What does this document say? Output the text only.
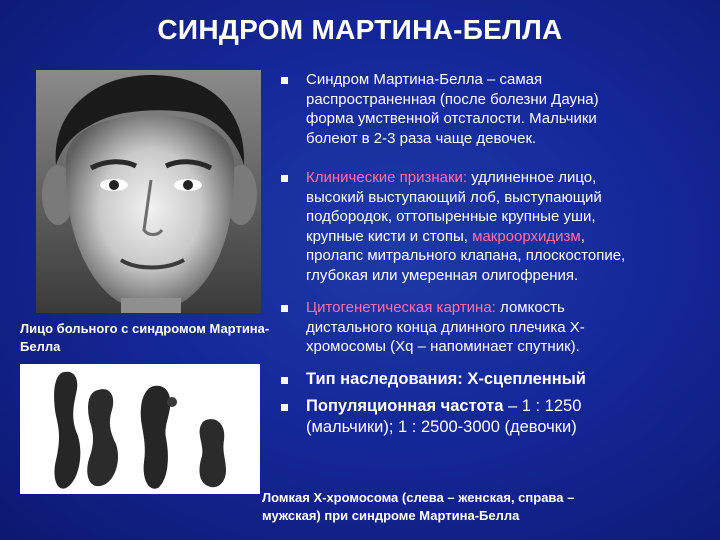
СИНДРОМ МАРТИНА-БЕЛЛА
Лицо больного с синдромом Мартина-Белла
Синдром Мартина-Белла – самая
распространенная (после болезни Дауна)
форма умственной отсталости. Мальчики
болеют в 2-3 раза чаще девочек.
Клинические признаки: удлиненное лицо,
высокий выступающий лоб, выступающий
подбородок, оттопыренные крупные уши,
крупные кисти и стопы, макроорхидизм,
пролапс митрального клапана, плоскостопие,
глубокая или умеренная олигофрения.
Цитогенетическая картина: ломкость
дистального конца длинного плечика Х-
хромосомы (Xq – напоминает спутник).
Тип наследования: Х-сцепленный
Популяционная частота – 1 : 1250
(мальчики); 1 : 2500-3000 (девочки)
Ломкая Х-хромосома (слева – женская, справа –
мужская) при синдроме Мартина-Белла
